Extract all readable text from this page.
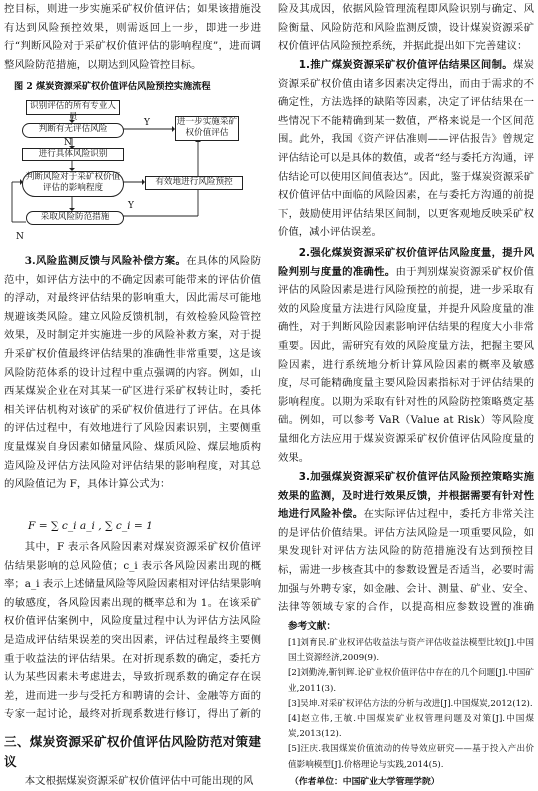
控目标，则进一步实施采矿权价值评估；如果该措施没有达到风险预控效果，则需返回上一步，即进一步进行“判断风险对于采矿权价值评估的影响程度”，进而调整风险防范措施，以期达到风险管控目标。

图 2 煤炭资源采矿权价值评估风险预控实施流程
识别评估的所有专业人员
判断有无评估风险
进一步实施采矿权价值评估
进行具体风险识别
判断风险对于采矿权价值评估的影响程度
有效地进行风险预控
采取风险防范措施
N
Y
N
Y

3.风险监测反馈与风险补偿方案。在具体的风险防范中，如评估方法中的不确定因素可能带来的评估价值的浮动，对最终评估结果的影响重大，因此需尽可能地规避该类风险。建立风险反馈机制，有效检验风险管控效果，及时制定并实施进一步的风险补救方案，对于提升采矿权价值最终评估结果的准确性非常重要，这是该风险防范体系的设计过程中重点强调的内容。例如，山西某煤炭企业在对其某一矿区进行采矿权转让时，委托相关评估机构对该矿的采矿权价值进行了评估。在具体的评估过程中，有效地进行了风险因素识别，主要侧重度量煤炭自身因素如储量风险、煤质风险、煤层地质构造风险及评估方法风险对评估结果的影响程度，对其总的风险值记为 F，具体计算公式为：

F = ∑ c_i a_i , ∑ c_i = 1

其中，F 表示各风险因素对煤炭资源采矿权价值评估结果影响的总风险值；c_i 表示各风险因素出现的概率；a_i 表示上述储量风险等风险因素相对评估结果影响的敏感度，各风险因素出现的概率总和为 1。在该采矿权价值评估案例中，风险度量过程中认为评估方法风险是造成评估结果误差的突出因素，评估过程最终主要侧重于收益法的评估结果。在对折现系数的确定，委托方认为某些因素未考虑进去，导致折现系数的确定存在误差，进而进一步与受托方和聘请的会计、金融等方面的专家一起讨论，最终对折现系数进行修订，得出了新的

三、煤炭资源采矿权价值评估风险防范对策建议

本文根据煤炭资源采矿权价值评估中可能出现的风

险及其成因，依据风险管理流程即风险识别与确定、风险衡量、风险防范和风险监测反馈，设计煤炭资源采矿权价值评估风险预控系统，并据此提出如下完善建议：

1.推广煤炭资源采矿权价值评估结果区间制。煤炭资源采矿权价值由诸多因素决定得出，而由于需求的不确定性，方法选择的缺陷等因素，决定了评估结果在一些情况下不能精确到某一数值，严格来说是一个区间范围。此外，我国《资产评估准则——评估报告》曾规定评估结论可以是具体的数值，或者“经与委托方沟通，评估结论可以使用区间值表达”。因此，鉴于煤炭资源采矿权价值评估中面临的风险因素，在与委托方沟通的前提下，鼓励使用评估结果区间制，以更客观地反映采矿权价值，减小评估误差。

2.强化煤炭资源采矿权价值评估风险度量，提升风险判别与度量的准确性。由于判别煤炭资源采矿权价值评估的风险因素是进行风险预控的前提，进一步采取有效的风险度量方法进行风险度量，并提升风险度量的准确性，对于判断风险因素影响评估结果的程度大小非常重要。因此，需研究有效的风险度量方法，把握主要风险因素，进行系统地分析计算风险因素的概率及敏感度，尽可能精确度量主要风险因素指标对于评估结果的影响程度。以期为采取有针对性的风险防控策略奠定基础。例如，可以参考 VaR（Value at Risk）等风险度量细化方法应用于煤炭资源采矿权价值评估风险度量的效果。

3.加强煤炭资源采矿权价值评估风险预控策略实施效果的监测，及时进行效果反馈，并根据需要有针对性地进行风险补偿。在实际评估过程中，委托方非常关注的是评估价值结果。评估方法风险是一项重要风险，如果发现针对评估方法风险的防范措施没有达到预控目标，需进一步核查其中的参数设置是否适当，必要时需加强与外聘专家，如金融、会计、测量、矿业、安全、法律等领域专家的合作，以提高相应参数设置的准确

参考文献：
[1]刘育民.矿业权评估收益法与资产评估收益法模型比较[J].中国国土资源经济,2009(9).
[2]刘勤涛,靳钊辉.论矿业权价值评估中存在的几个问题[J].中国矿业,2011(3).
[3]吴坤.对采矿权评估方法的分析与改进[J].中国煤炭,2012(12).
[4]赵立伟,王敏.中国煤炭矿业权管理问题及对策[J].中国煤炭,2013(12).
[5]汪庆.我国煤炭价值流动的传导效应研究——基于投入产出价值影响模型[J].价格理论与实践,2014(5).
（作者单位：中国矿业大学管理学院）
